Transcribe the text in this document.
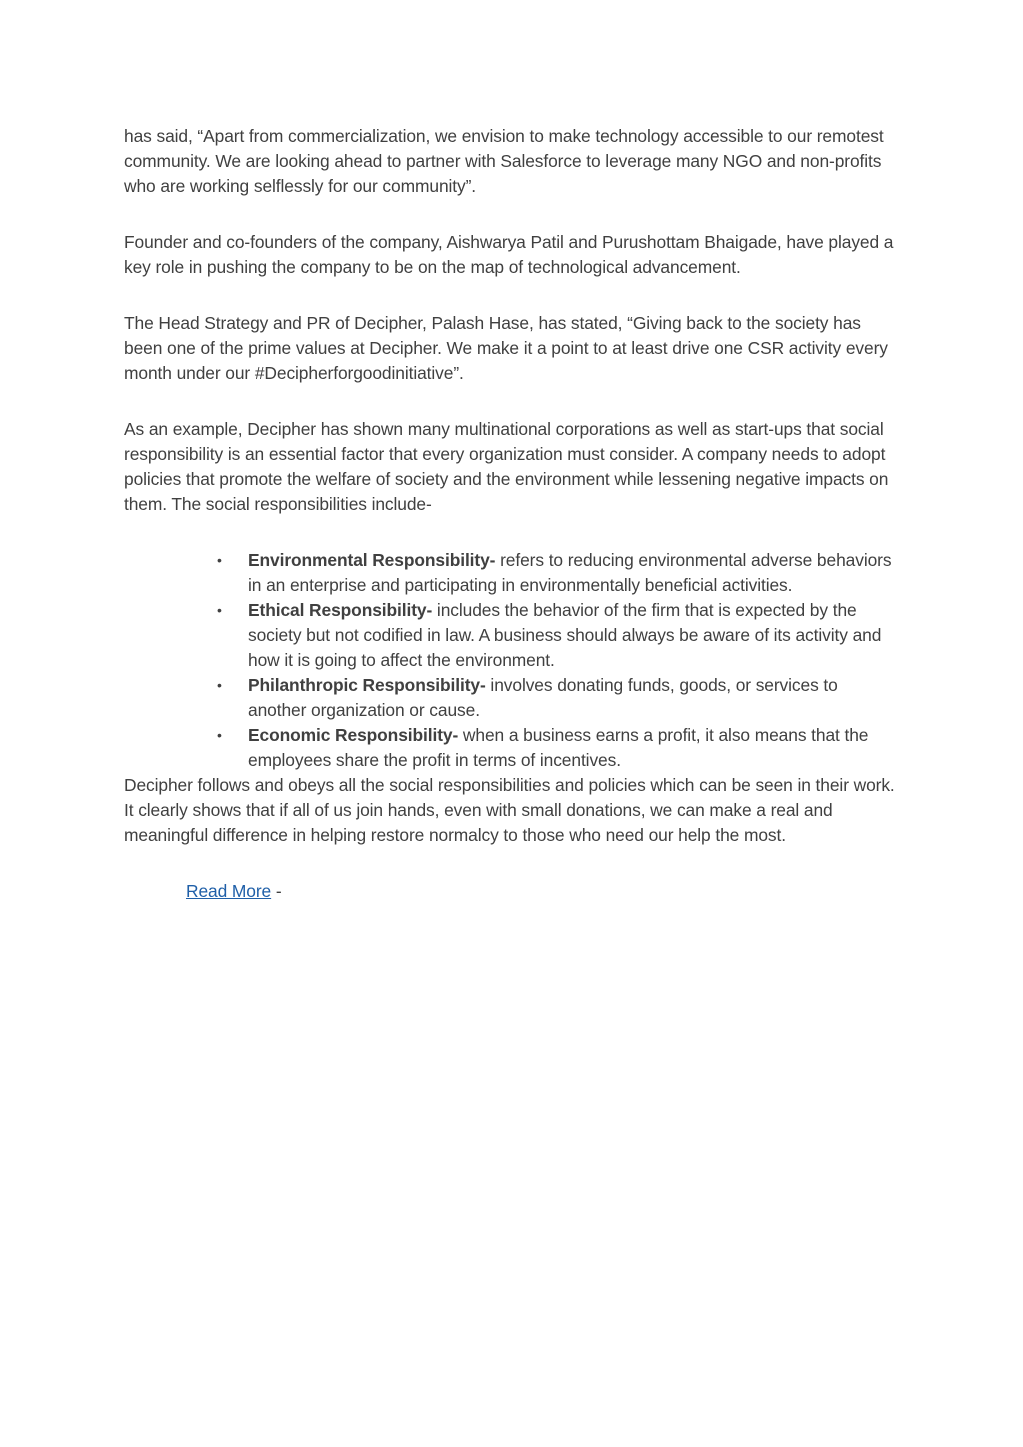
has said, “Apart from commercialization, we envision to make technology accessible to our remotest community. We are looking ahead to partner with Salesforce to leverage many NGO and non-profits who are working selflessly for our community”.

Founder and co-founders of the company, Aishwarya Patil and Purushottam Bhaigade, have played a key role in pushing the company to be on the map of technological advancement.

The Head Strategy and PR of Decipher, Palash Hase, has stated, “Giving back to the society has been one of the prime values at Decipher. We make it a point to at least drive one CSR activity every month under our #Decipherforgoodinitiative”.

As an example, Decipher has shown many multinational corporations as well as start-ups that social responsibility is an essential factor that every organization must consider. A company needs to adopt policies that promote the welfare of society and the environment while lessening negative impacts on them. The social responsibilities include-

• Environmental Responsibility- refers to reducing environmental adverse behaviors in an enterprise and participating in environmentally beneficial activities.
• Ethical Responsibility- includes the behavior of the firm that is expected by the society but not codified in law. A business should always be aware of its activity and how it is going to affect the environment.
• Philanthropic Responsibility- involves donating funds, goods, or services to another organization or cause.
• Economic Responsibility- when a business earns a profit, it also means that the employees share the profit in terms of incentives.

Decipher follows and obeys all the social responsibilities and policies which can be seen in their work. It clearly shows that if all of us join hands, even with small donations, we can make a real and meaningful difference in helping restore normalcy to those who need our help the most.

Read More -
